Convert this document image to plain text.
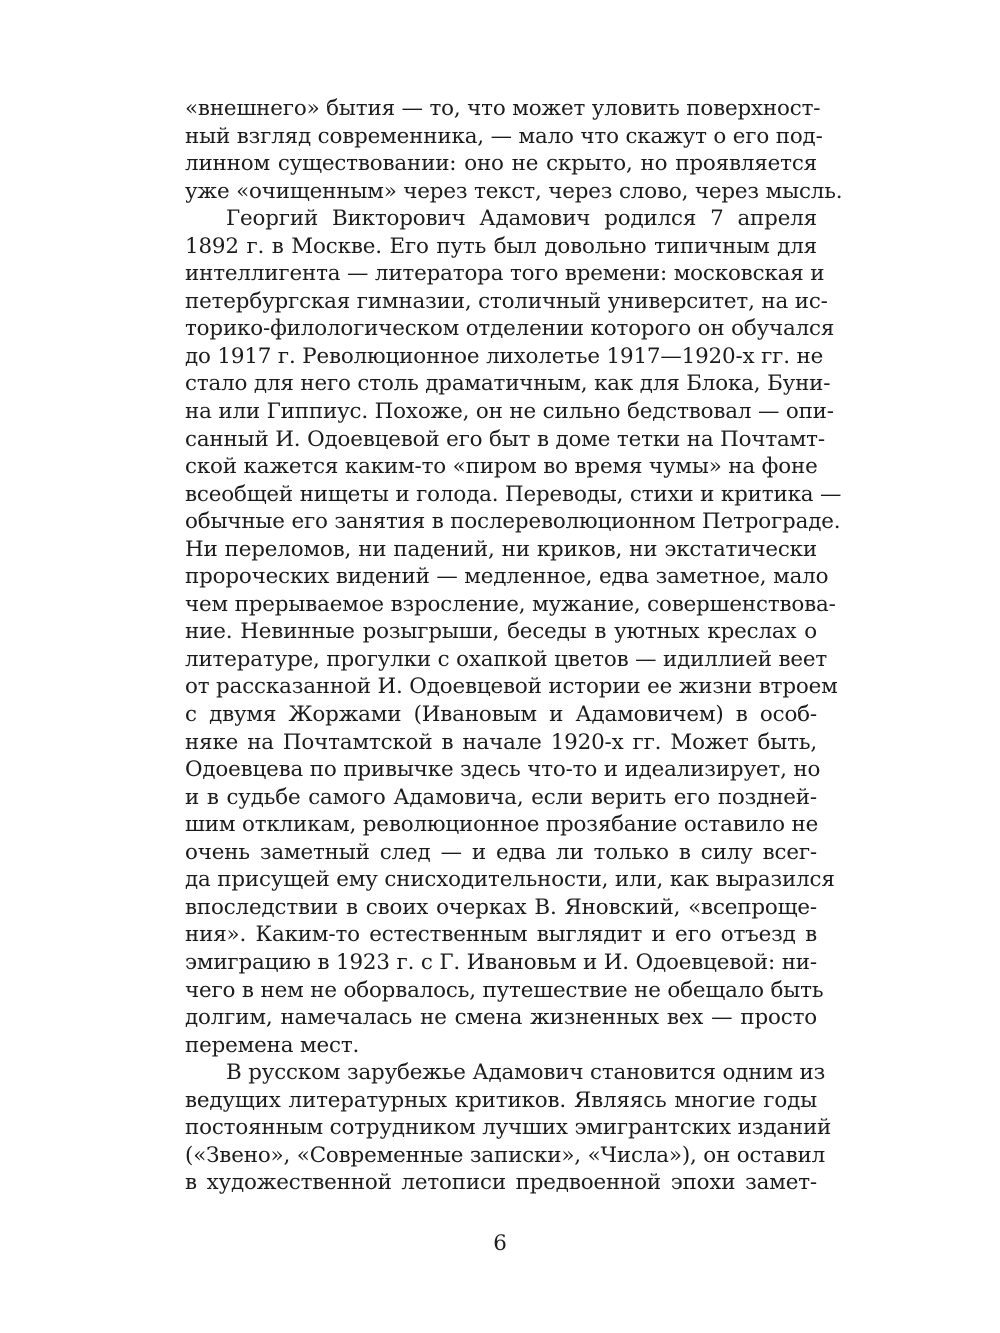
«внешнего» бытия — то, что может уловить поверхност-
ный взгляд современника, — мало что скажут о его под-
линном существовании: оно не скрыто, но проявляется
уже «очищенным» через текст, через слово, через мысль.
Георгий Викторович Адамович родился 7 апреля
1892 г. в Москве. Его путь был довольно типичным для
интеллигента — литератора того времени: московская и
петербургская гимназии, столичный университет, на ис-
торико-филологическом отделении которого он обучался
до 1917 г. Революционное лихолетье 1917—1920-х гг. не
стало для него столь драматичным, как для Блока, Буни-
на или Гиппиус. Похоже, он не сильно бедствовал — опи-
санный И. Одоевцевой его быт в доме тетки на Почтамт-
ской кажется каким-то «пиром во время чумы» на фоне
всеобщей нищеты и голода. Переводы, стихи и критика —
обычные его занятия в послереволюционном Петрограде.
Ни переломов, ни падений, ни криков, ни экстатически
пророческих видений — медленное, едва заметное, мало
чем прерываемое взросление, мужание, совершенствова-
ние. Невинные розыгрыши, беседы в уютных креслах о
литературе, прогулки с охапкой цветов — идиллией веет
от рассказанной И. Одоевцевой истории ее жизни втроем
с двумя Жоржами (Ивановым и Адамовичем) в особ-
няке на Почтамтской в начале 1920-х гг. Может быть,
Одоевцева по привычке здесь что-то и идеализирует, но
и в судьбе самого Адамовича, если верить его поздней-
шим откликам, революционное прозябание оставило не
очень заметный след — и едва ли только в силу всег-
да присущей ему снисходительности, или, как выразился
впоследствии в своих очерках В. Яновский, «всепроще-
ния». Каким-то естественным выглядит и его отъезд в
эмиграцию в 1923 г. с Г. Ивановьм и И. Одоевцевой: ни-
чего в нем не оборвалось, путешествие не обещало быть
долгим, намечалась не смена жизненных вех — просто
перемена мест.
В русском зарубежье Адамович становится одним из
ведущих литературных критиков. Являясь многие годы
постоянным сотрудником лучших эмигрантских изданий
(«Звено», «Современные записки», «Числа»), он оставил
в художественной летописи предвоенной эпохи замет-
6
